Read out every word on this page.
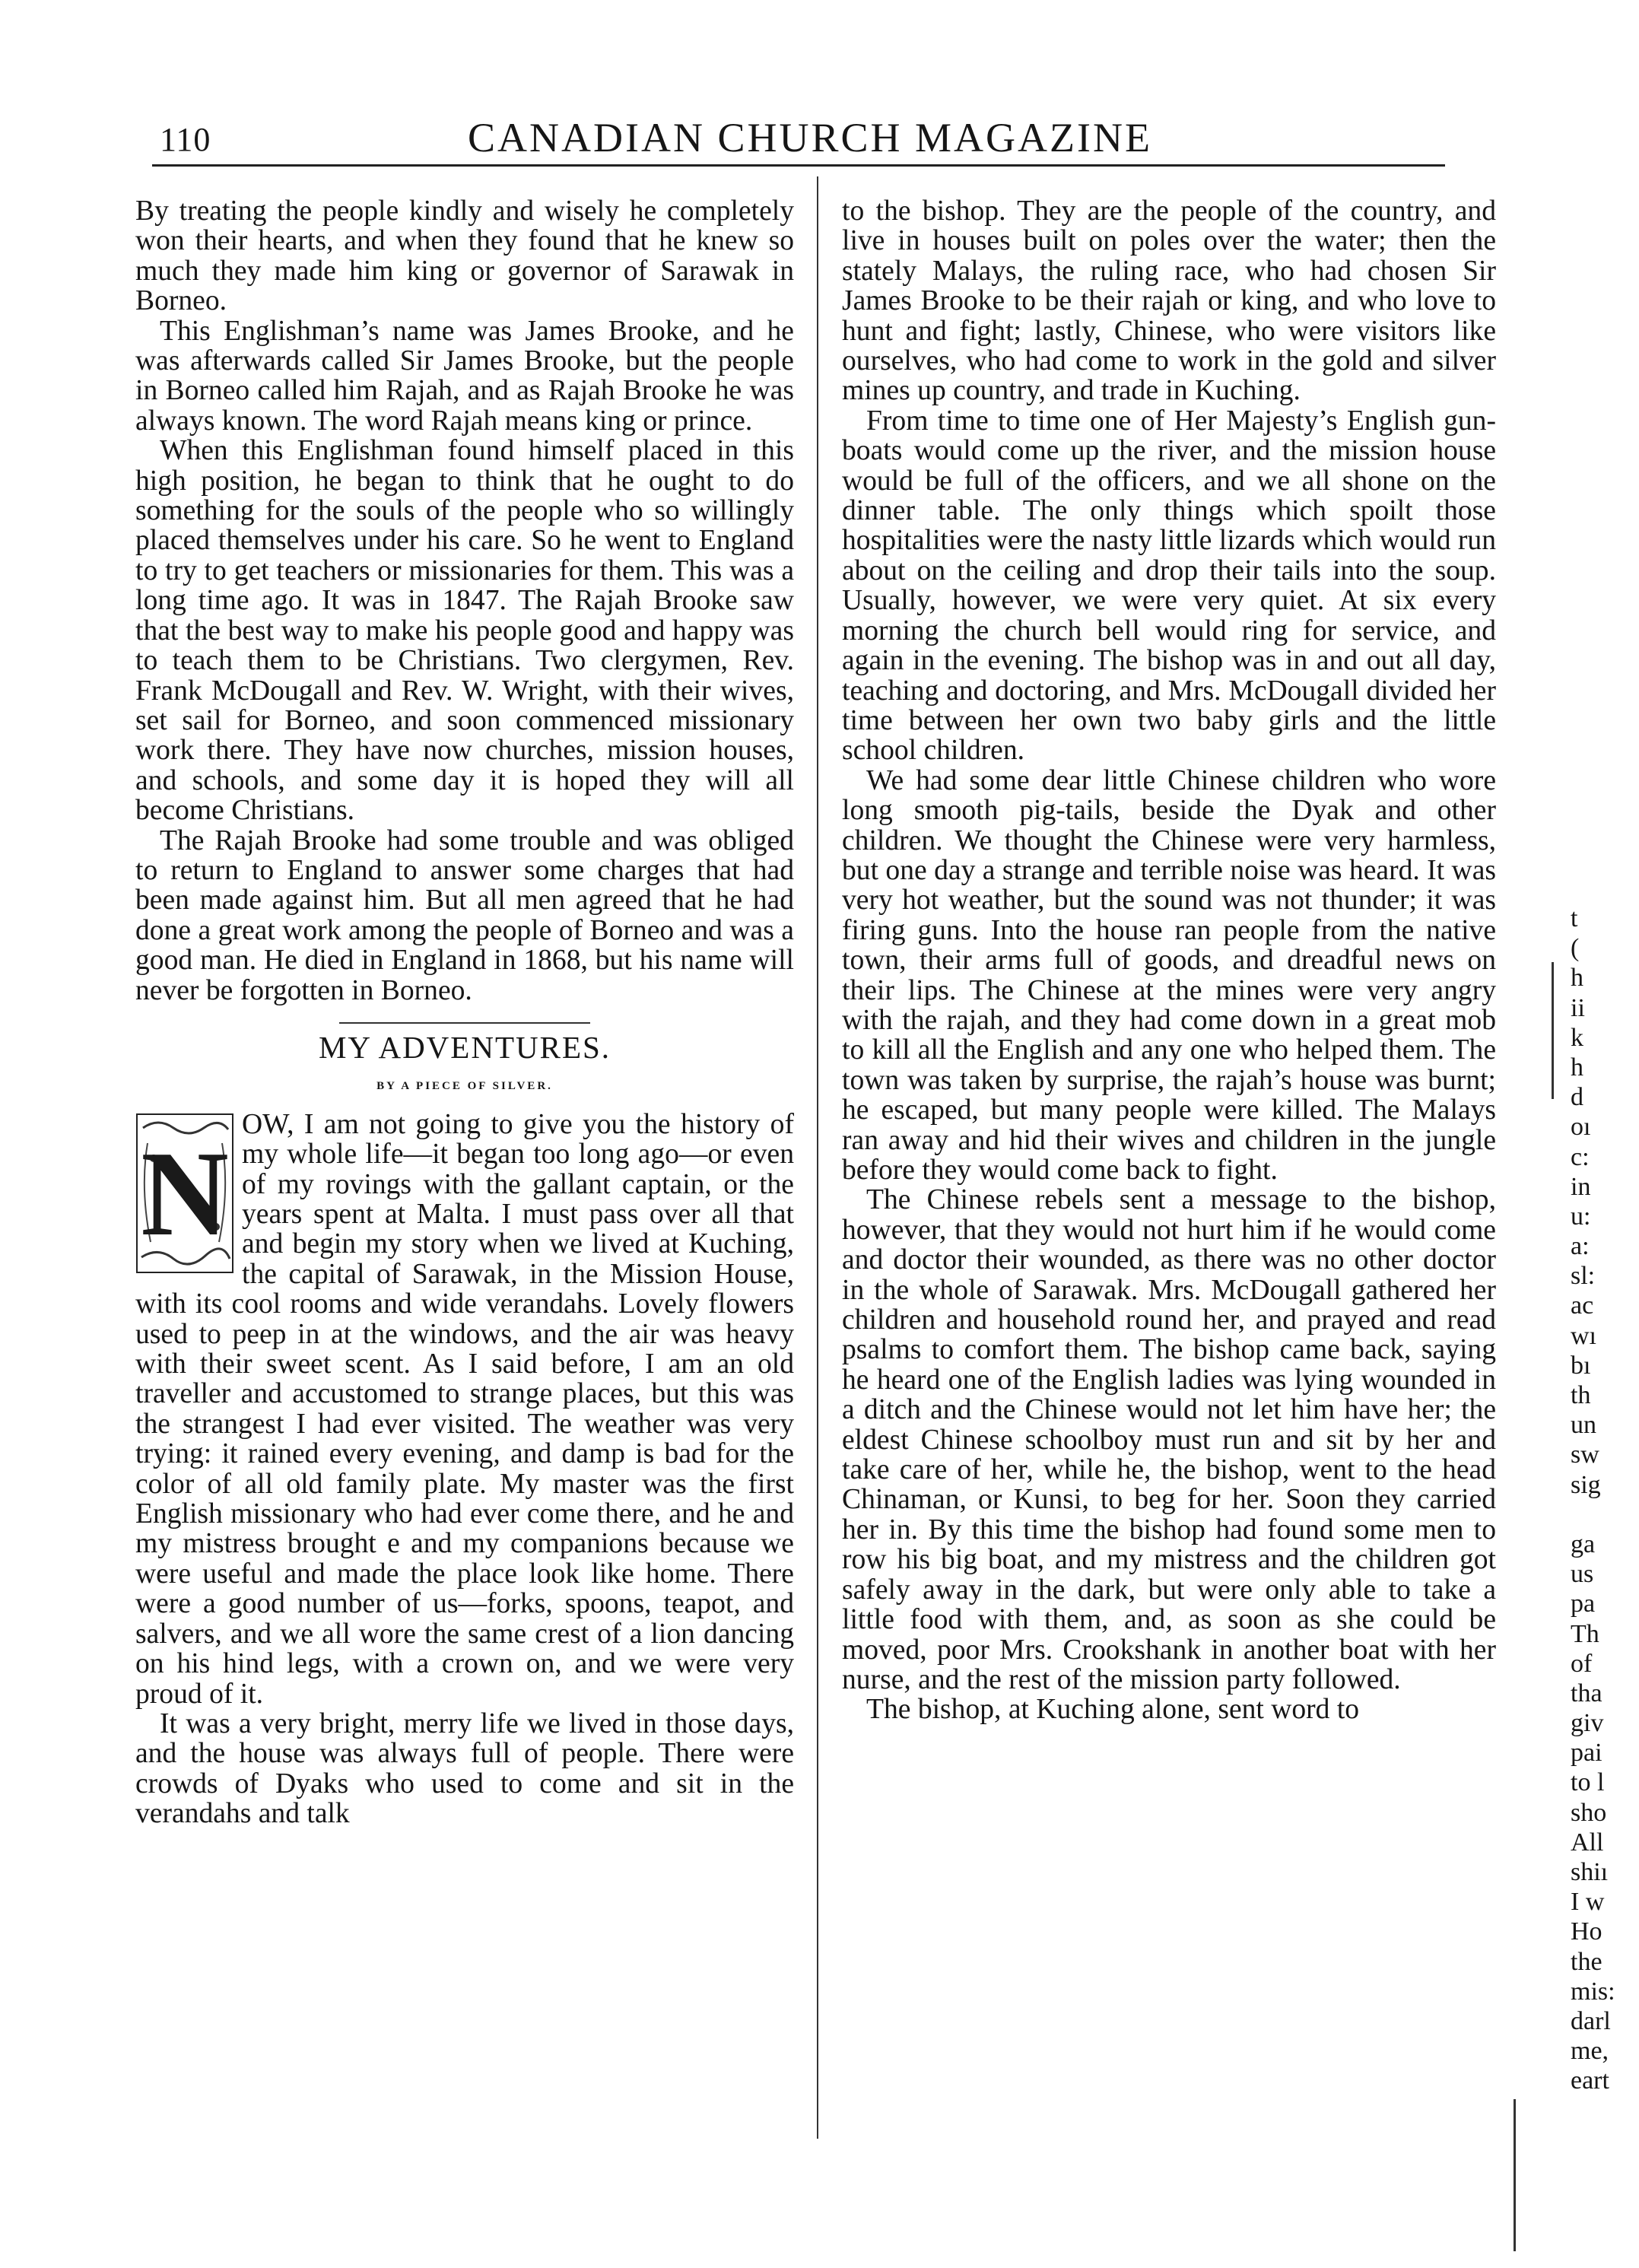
110	CANADIAN CHURCH MAGAZINE

By treating the people kindly and wisely he completely won their hearts, and when they found that he knew so much they made him king or governor of Sarawak in Borneo.

This Englishman’s name was James Brooke, and he was afterwards called Sir James Brooke, but the people in Borneo called him Rajah, and as Rajah Brooke he was always known. The word Rajah means king or prince.

When this Englishman found himself placed in this high position, he began to think that he ought to do something for the souls of the people who so willingly placed themselves under his care. So he went to England to try to get teachers or missionaries for them. This was a long time ago. It was in 1847. The Rajah Brooke saw that the best way to make his people good and happy was to teach them to be Christians. Two clergymen, Rev. Frank McDougall and Rev. W. Wright, with their wives, set sail for Borneo, and soon commenced missionary work there. They have now churches, mission houses, and schools, and some day it is hoped they will all become Christians.

The Rajah Brooke had some trouble and was obliged to return to England to answer some charges that had been made against him. But all men agreed that he had done a great work among the people of Borneo and was a good man. He died in England in 1868, but his name will never be forgotten in Borneo.

MY ADVENTURES.
BY A PIECE OF SILVER.

N
OW, I am not going to give you the history of my whole life—it began too long ago—or even of my rovings with the gallant captain, or the years spent at Malta. I must pass over all that and begin my story when we lived at Kuching, the capital of Sarawak, in the Mission House, with its cool rooms and wide verandahs. Lovely flowers used to peep in at the windows, and the air was heavy with their sweet scent. As I said before, I am an old traveller and accustomed to strange places, but this was the strangest I had ever visited. The weather was very trying: it rained every evening, and damp is bad for the color of all old family plate. My master was the first English missionary who had ever come there, and he and my mistress brought e and my companions because we were useful and made the place look like home. There were a good number of us—forks, spoons, teapot, and salvers, and we all wore the same crest of a lion dancing on his hind legs, with a crown on, and we were very proud of it.

It was a very bright, merry life we lived in those days, and the house was always full of people. There were crowds of Dyaks who used to come and sit in the verandahs and talk

to the bishop. They are the people of the country, and live in houses built on poles over the water; then the stately Malays, the ruling race, who had chosen Sir James Brooke to be their rajah or king, and who love to hunt and fight; lastly, Chinese, who were visitors like ourselves, who had come to work in the gold and silver mines up country, and trade in Kuching.

From time to time one of Her Majesty’s English gun-boats would come up the river, and the mission house would be full of the officers, and we all shone on the dinner table. The only things which spoilt those hospitalities were the nasty little lizards which would run about on the ceiling and drop their tails into the soup. Usually, however, we were very quiet. At six every morning the church bell would ring for service, and again in the evening. The bishop was in and out all day, teaching and doctoring, and Mrs. McDougall divided her time between her own two baby girls and the little school children.

We had some dear little Chinese children who wore long smooth pig-tails, beside the Dyak and other children. We thought the Chinese were very harmless, but one day a strange and terrible noise was heard. It was very hot weather, but the sound was not thunder; it was firing guns. Into the house ran people from the native town, their arms full of goods, and dreadful news on their lips. The Chinese at the mines were very angry with the rajah, and they had come down in a great mob to kill all the English and any one who helped them. The town was taken by surprise, the rajah’s house was burnt; he escaped, but many people were killed. The Malays ran away and hid their wives and children in the jungle before they would come back to fight.

The Chinese rebels sent a message to the bishop, however, that they would not hurt him if he would come and doctor their wounded, as there was no other doctor in the whole of Sarawak. Mrs. McDougall gathered her children and household round her, and prayed and read psalms to comfort them. The bishop came back, saying he heard one of the English ladies was lying wounded in a ditch and the Chinese would not let him have her; the eldest Chinese schoolboy must run and sit by her and take care of her, while he, the bishop, went to the head Chinaman, or Kunsi, to beg for her. Soon they carried her in. By this time the bishop had found some men to row his big boat, and my mistress and the children got safely away in the dark, but were only able to take a little food with them, and, as soon as she could be moved, poor Mrs. Crookshank in another boat with her nurse, and the rest of the mission party followed.

The bishop, at Kuching alone, sent word to

t
(
h
ii
k
h
d
oı
c:
in
u:
a:
sl:
ac
wı
bı
th
un
sw
sig
ga
us
pa
Th
of
tha
giv
pai
to l
sho
All
shiı
I w
Ho
the
mis:
darl
me,
eart
